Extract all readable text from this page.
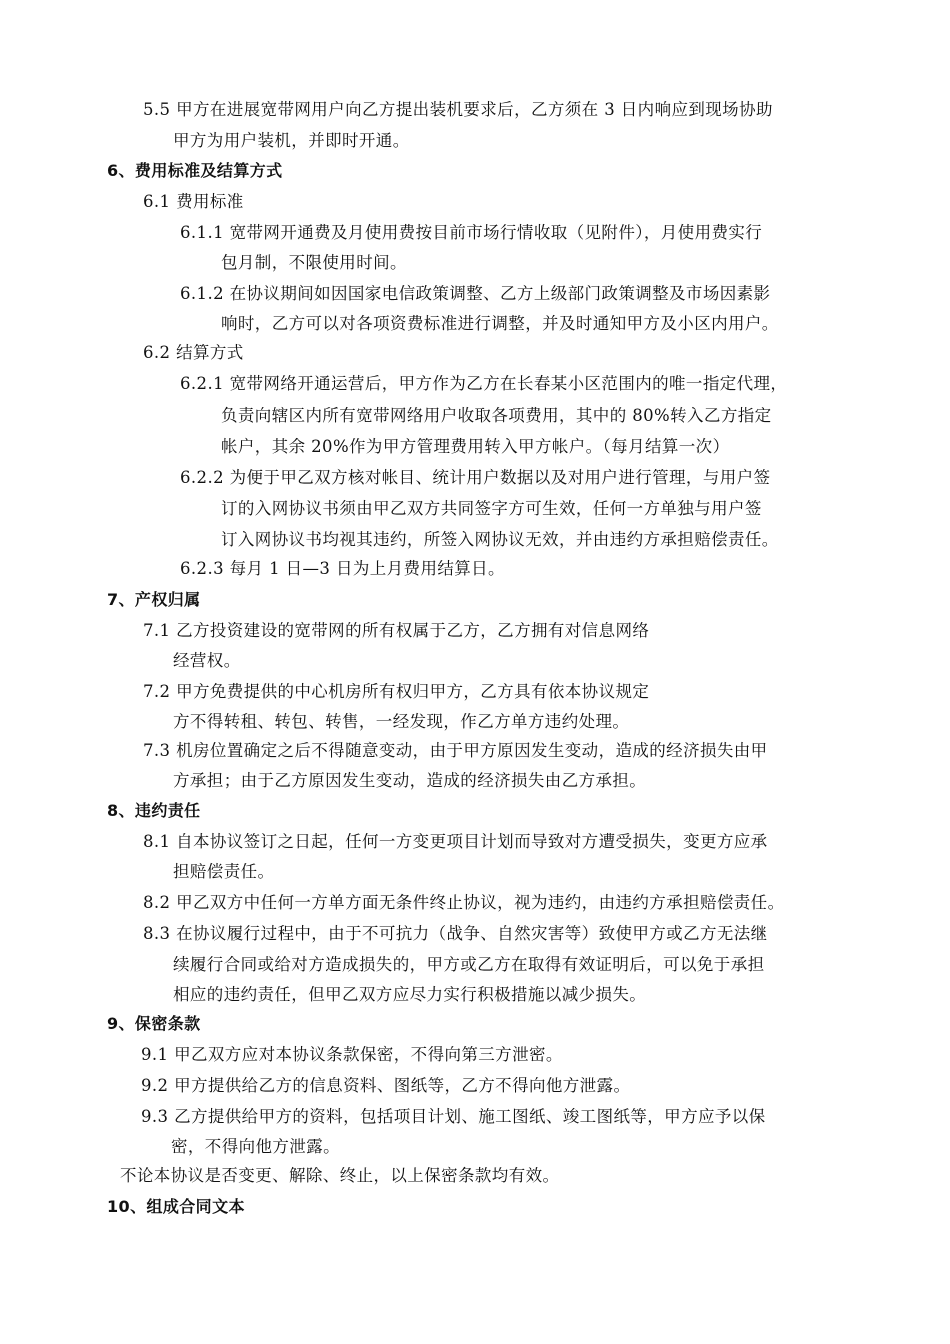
5.5 甲方在进展宽带网用户向乙方提出装机要求后，乙方须在 3 日内响应到现场协助
甲方为用户装机，并即时开通。
6、费用标准及结算方式
6.1 费用标准
6.1.1 宽带网开通费及月使用费按目前市场行情收取（见附件），月使用费实行
包月制，不限使用时间。
6.1.2 在协议期间如因国家电信政策调整、乙方上级部门政策调整及市场因素影
响时，乙方可以对各项资费标准进行调整，并及时通知甲方及小区内用户。
6.2 结算方式
6.2.1 宽带网络开通运营后，甲方作为乙方在长春某小区范围内的唯一指定代理，
负责向辖区内所有宽带网络用户收取各项费用，其中的 80%转入乙方指定
帐户，其余 20%作为甲方管理费用转入甲方帐户。（每月结算一次）
6.2.2 为便于甲乙双方核对帐目、统计用户数据以及对用户进行管理，与用户签
订的入网协议书须由甲乙双方共同签字方可生效，任何一方单独与用户签
订入网协议书均视其违约，所签入网协议无效，并由违约方承担赔偿责任。
6.2.3 每月 1 日—3 日为上月费用结算日。
7、产权归属
7.1 乙方投资建设的宽带网的所有权属于乙方，乙方拥有对信息网络
经营权。
7.2 甲方免费提供的中心机房所有权归甲方，乙方具有依本协议规定
方不得转租、转包、转售，一经发现，作乙方单方违约处理。
7.3 机房位置确定之后不得随意变动，由于甲方原因发生变动，造成的经济损失由甲
方承担；由于乙方原因发生变动，造成的经济损失由乙方承担。
8、违约责任
8.1 自本协议签订之日起，任何一方变更项目计划而导致对方遭受损失，变更方应承
担赔偿责任。
8.2 甲乙双方中任何一方单方面无条件终止协议，视为违约，由违约方承担赔偿责任。
8.3 在协议履行过程中，由于不可抗力（战争、自然灾害等）致使甲方或乙方无法继
续履行合同或给对方造成损失的，甲方或乙方在取得有效证明后，可以免于承担
相应的违约责任，但甲乙双方应尽力实行积极措施以减少损失。
9、保密条款
9.1 甲乙双方应对本协议条款保密，不得向第三方泄密。
9.2 甲方提供给乙方的信息资料、图纸等，乙方不得向他方泄露。
9.3 乙方提供给甲方的资料，包括项目计划、施工图纸、竣工图纸等，甲方应予以保
密，不得向他方泄露。
不论本协议是否变更、解除、终止，以上保密条款均有效。
10、组成合同文本
